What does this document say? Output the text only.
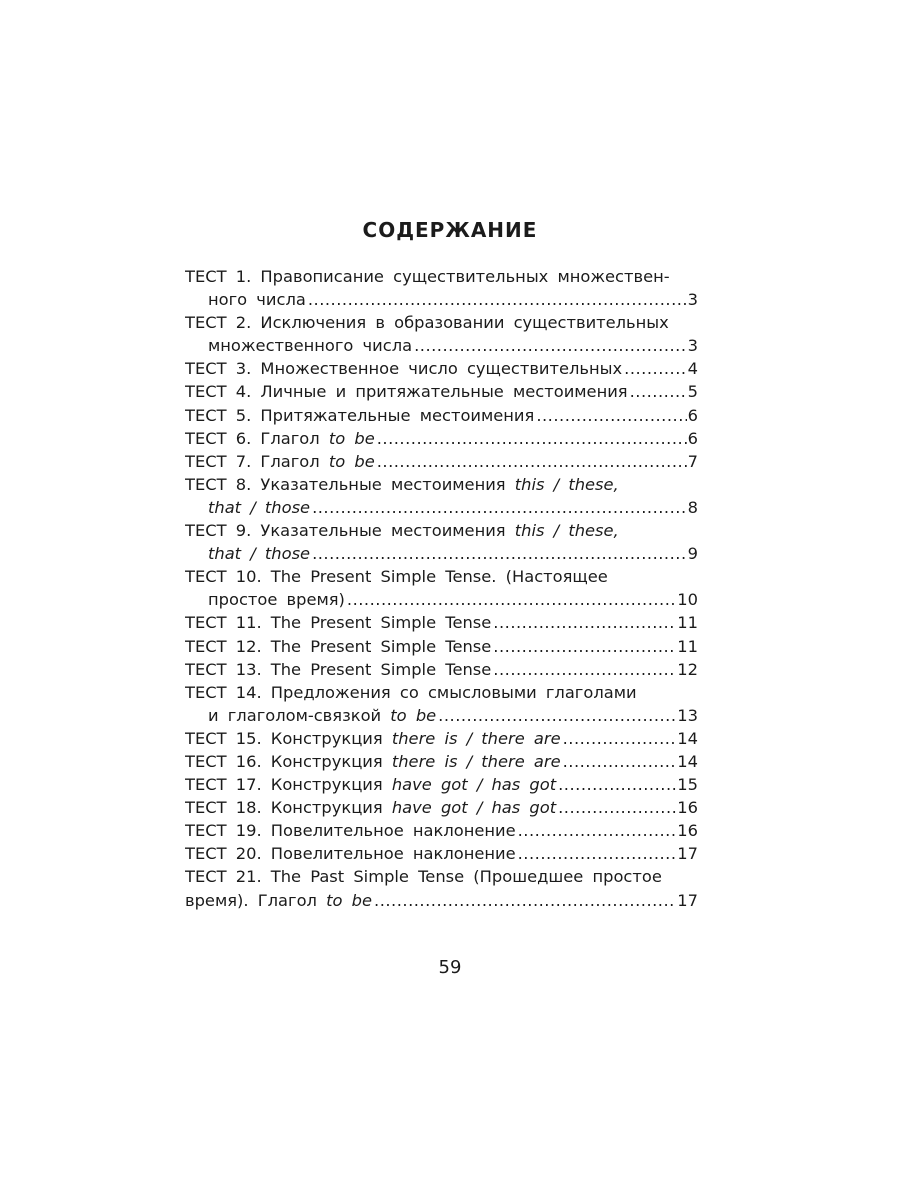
СОДЕРЖАНИЕ
ТЕСТ 1. Правописание существительных множествен-
ного числа .....	3
ТЕСТ 2. Исключения в образовании существительных
множественного числа .....	3
ТЕСТ 3. Множественное число существительных .....	4
ТЕСТ 4. Личные и притяжательные местоимения .....	5
ТЕСТ 5. Притяжательные местоимения .....	6
ТЕСТ 6. Глагол to be .....	6
ТЕСТ 7. Глагол to be .....	7
ТЕСТ 8. Указательные местоимения this / these,
that / those .....	8
ТЕСТ 9. Указательные местоимения this / these,
that / those .....	9
ТЕСТ 10. The Present Simple Tense. (Настоящее
простое время) .....	10
ТЕСТ 11. The Present Simple Tense .....	11
ТЕСТ 12. The Present Simple Tense .....	11
ТЕСТ 13. The Present Simple Tense .....	12
ТЕСТ 14. Предложения со смысловыми глаголами
и глаголом-связкой to be .....	13
ТЕСТ 15. Конструкция there is / there are .....	14
ТЕСТ 16. Конструкция there is / there are .....	14
ТЕСТ 17. Конструкция have got / has got .....	15
ТЕСТ 18. Конструкция have got / has got .....	16
ТЕСТ 19. Повелительное наклонение .....	16
ТЕСТ 20. Повелительное наклонение .....	17
ТЕСТ 21. The Past Simple Tense (Прошедшее простое
время). Глагол to be .....	17

59
